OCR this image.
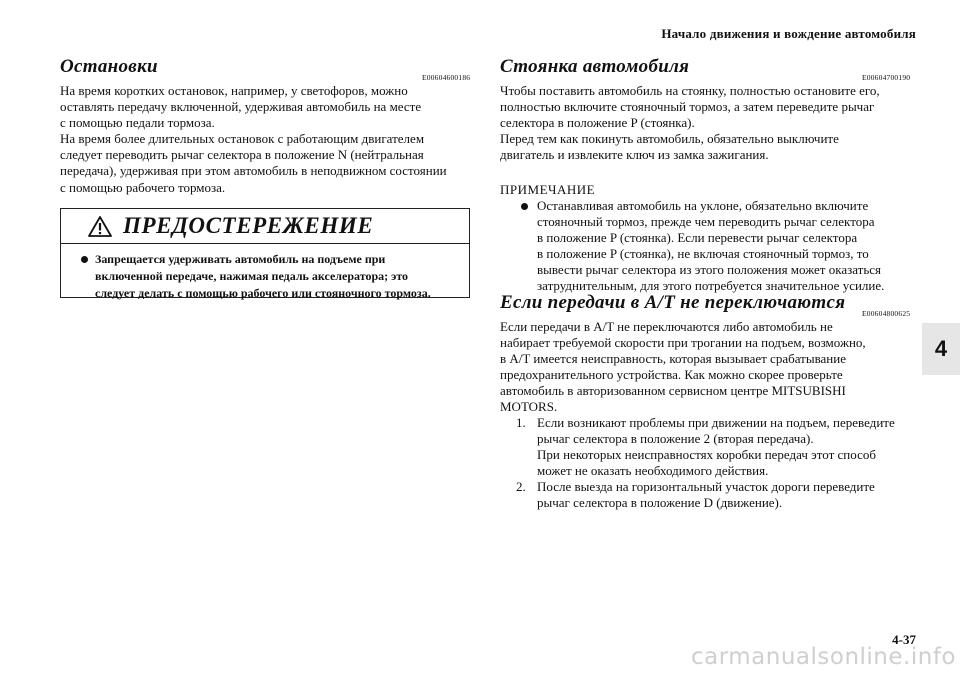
Начало движения и вождение автомобиля
Остановки
E00604600186
На время коротких остановок, например, у светофоров, можно
оставлять передачу включенной, удерживая автомобиль на месте
с помощью педали тормоза.
На время более длительных остановок с работающим двигателем
следует переводить рычаг селектора в положение N (нейтральная
передача), удерживая при этом автомобиль в неподвижном состоянии
с помощью рабочего тормоза.
ПРЕДОСТЕРЕЖЕНИЕ
Запрещается удерживать автомобиль на подъеме при
включенной передаче, нажимая педаль акселератора; это
следует делать с помощью рабочего или стояночного тормоза.
Стоянка автомобиля
E00604700190
Чтобы поставить автомобиль на стоянку, полностью остановите его,
полностью включите стояночный тормоз, а затем переведите рычаг
селектора в положение P (стоянка).
Перед тем как покинуть автомобиль, обязательно выключите
двигатель и извлеките ключ из замка зажигания.
ПРИМЕЧАНИЕ
Останавливая автомобиль на уклоне, обязательно включите
стояночный тормоз, прежде чем переводить рычаг селектора
в положение P (стоянка). Если перевести рычаг селектора
в положение P (стоянка), не включая стояночный тормоз, то
вывести рычаг селектора из этого положения может оказаться
затруднительным, для этого потребуется значительное усилие.
Если передачи в A/T не переключаются
E00604800625
Если передачи в A/T не переключаются либо автомобиль не
набирает требуемой скорости при трогании на подъем, возможно,
в A/T имеется неисправность, которая вызывает срабатывание
предохранительного устройства. Как можно скорее проверьте
автомобиль в авторизованном сервисном центре MITSUBISHI
MOTORS.
1. Если возникают проблемы при движении на подъем, переведите
рычаг селектора в положение 2 (вторая передача).
При некоторых неисправностях коробки передач этот способ
может не оказать необходимого действия.
2. После выезда на горизонтальный участок дороги переведите
рычаг селектора в положение D (движение).
4
4-37
carmanualsonline.info
